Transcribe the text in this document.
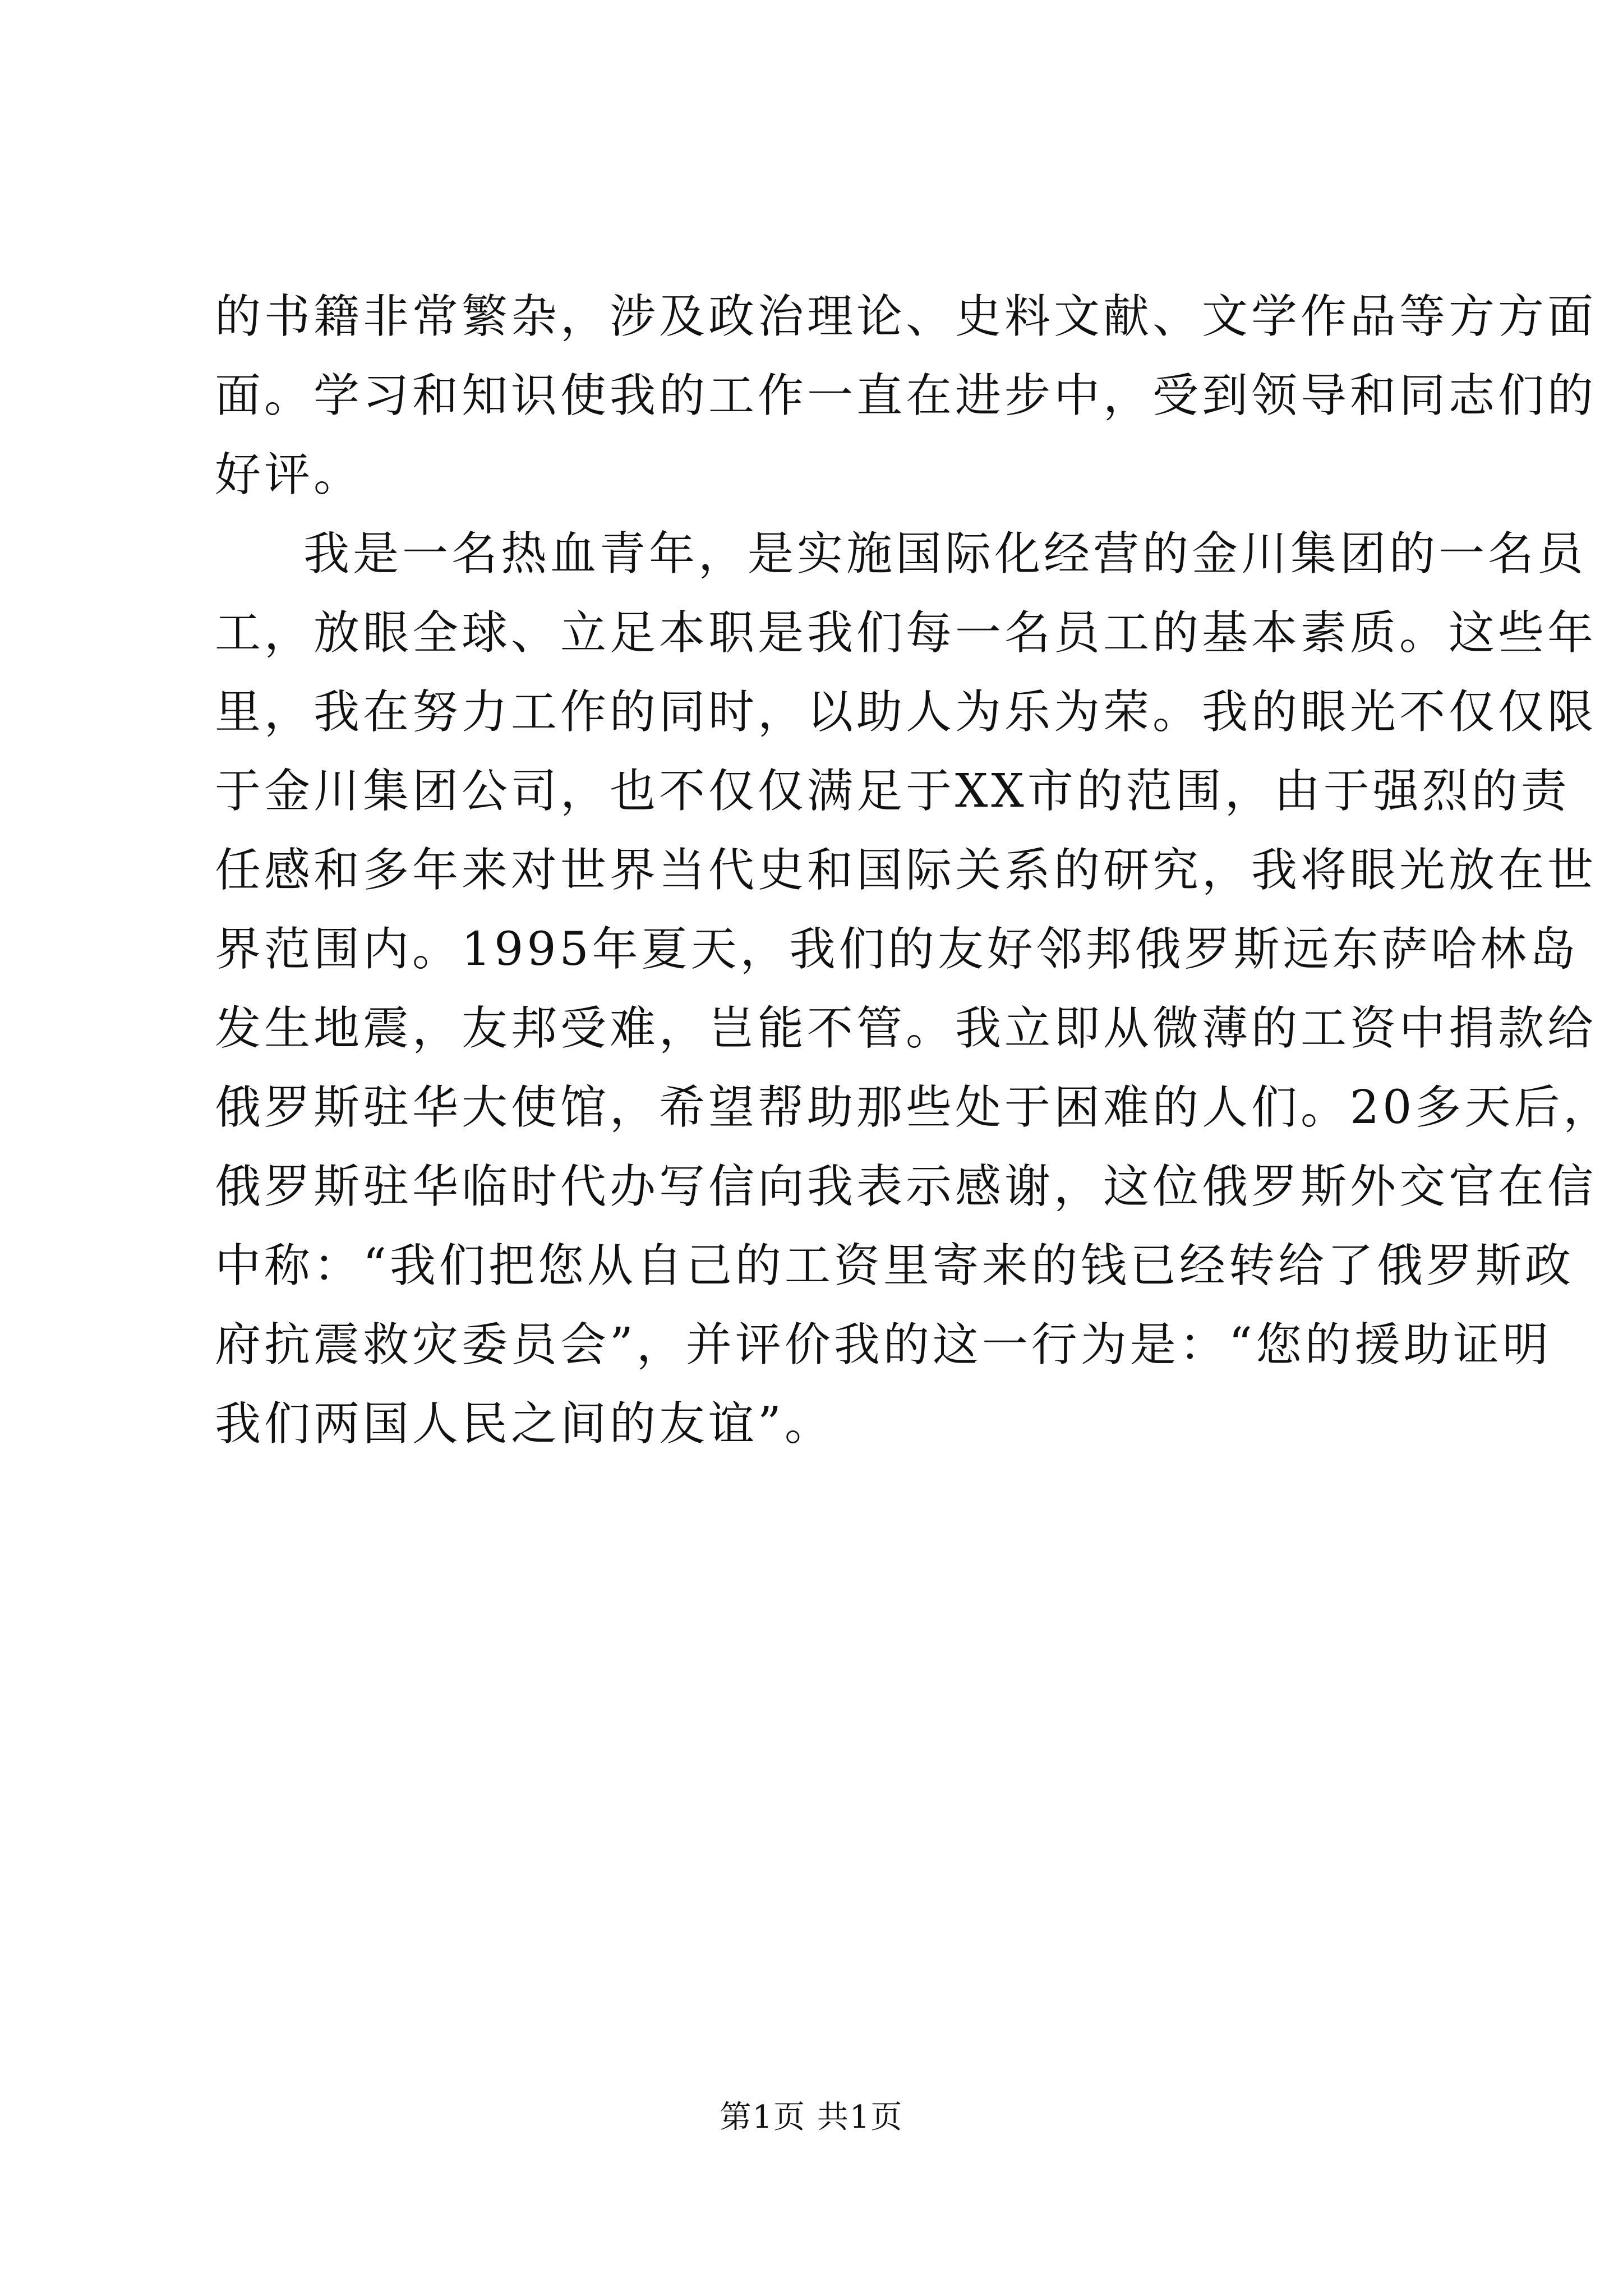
的书籍非常繁杂，涉及政治理论、史料文献、文学作品等方方面

面。学习和知识使我的工作一直在进步中，受到领导和同志们的

好评。

我是一名热血青年，是实施国际化经营的金川集团的一名员

工，放眼全球、立足本职是我们每一名员工的基本素质。这些年

里，我在努力工作的同时，以助人为乐为荣。我的眼光不仅仅限

于金川集团公司，也不仅仅满足于XX市的范围，由于强烈的责

任感和多年来对世界当代史和国际关系的研究，我将眼光放在世

界范围内。1995年夏天，我们的友好邻邦俄罗斯远东萨哈林岛

发生地震，友邦受难，岂能不管。我立即从微薄的工资中捐款给

俄罗斯驻华大使馆，希望帮助那些处于困难的人们。20多天后，

俄罗斯驻华临时代办写信向我表示感谢，这位俄罗斯外交官在信

中称：“我们把您从自己的工资里寄来的钱已经转给了俄罗斯政

府抗震救灾委员会”，并评价我的这一行为是：“您的援助证明

我们两国人民之间的友谊”。

第1页 共1页
